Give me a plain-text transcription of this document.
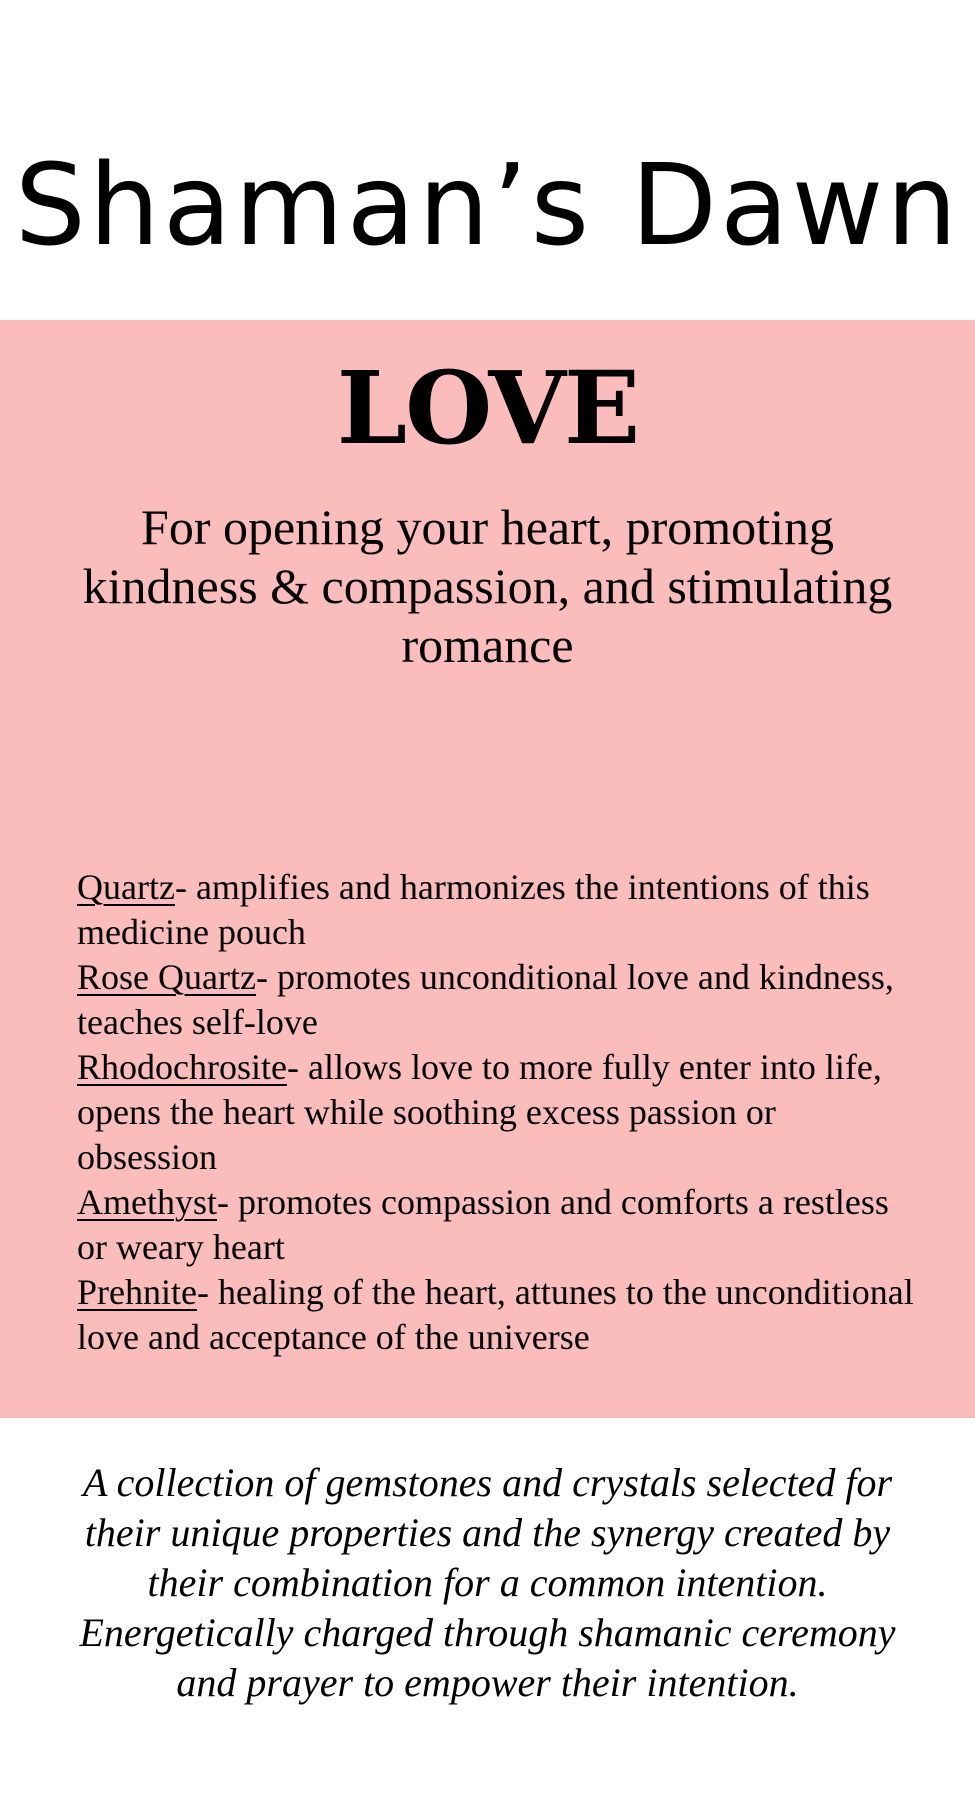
Shaman’s Dawn
LOVE

For opening your heart, promoting kindness & compassion, and stimulating romance

Quartz- amplifies and harmonizes the intentions of this medicine pouch
Rose Quartz- promotes unconditional love and kindness, teaches self-love
Rhodochrosite- allows love to more fully enter into life, opens the heart while soothing excess passion or obsession
Amethyst- promotes compassion and comforts a restless or weary heart
Prehnite- healing of the heart, attunes to the unconditional love and acceptance of the universe

A collection of gemstones and crystals selected for their unique properties and the synergy created by their combination for a common intention. Energetically charged through shamanic ceremony and prayer to empower their intention.
